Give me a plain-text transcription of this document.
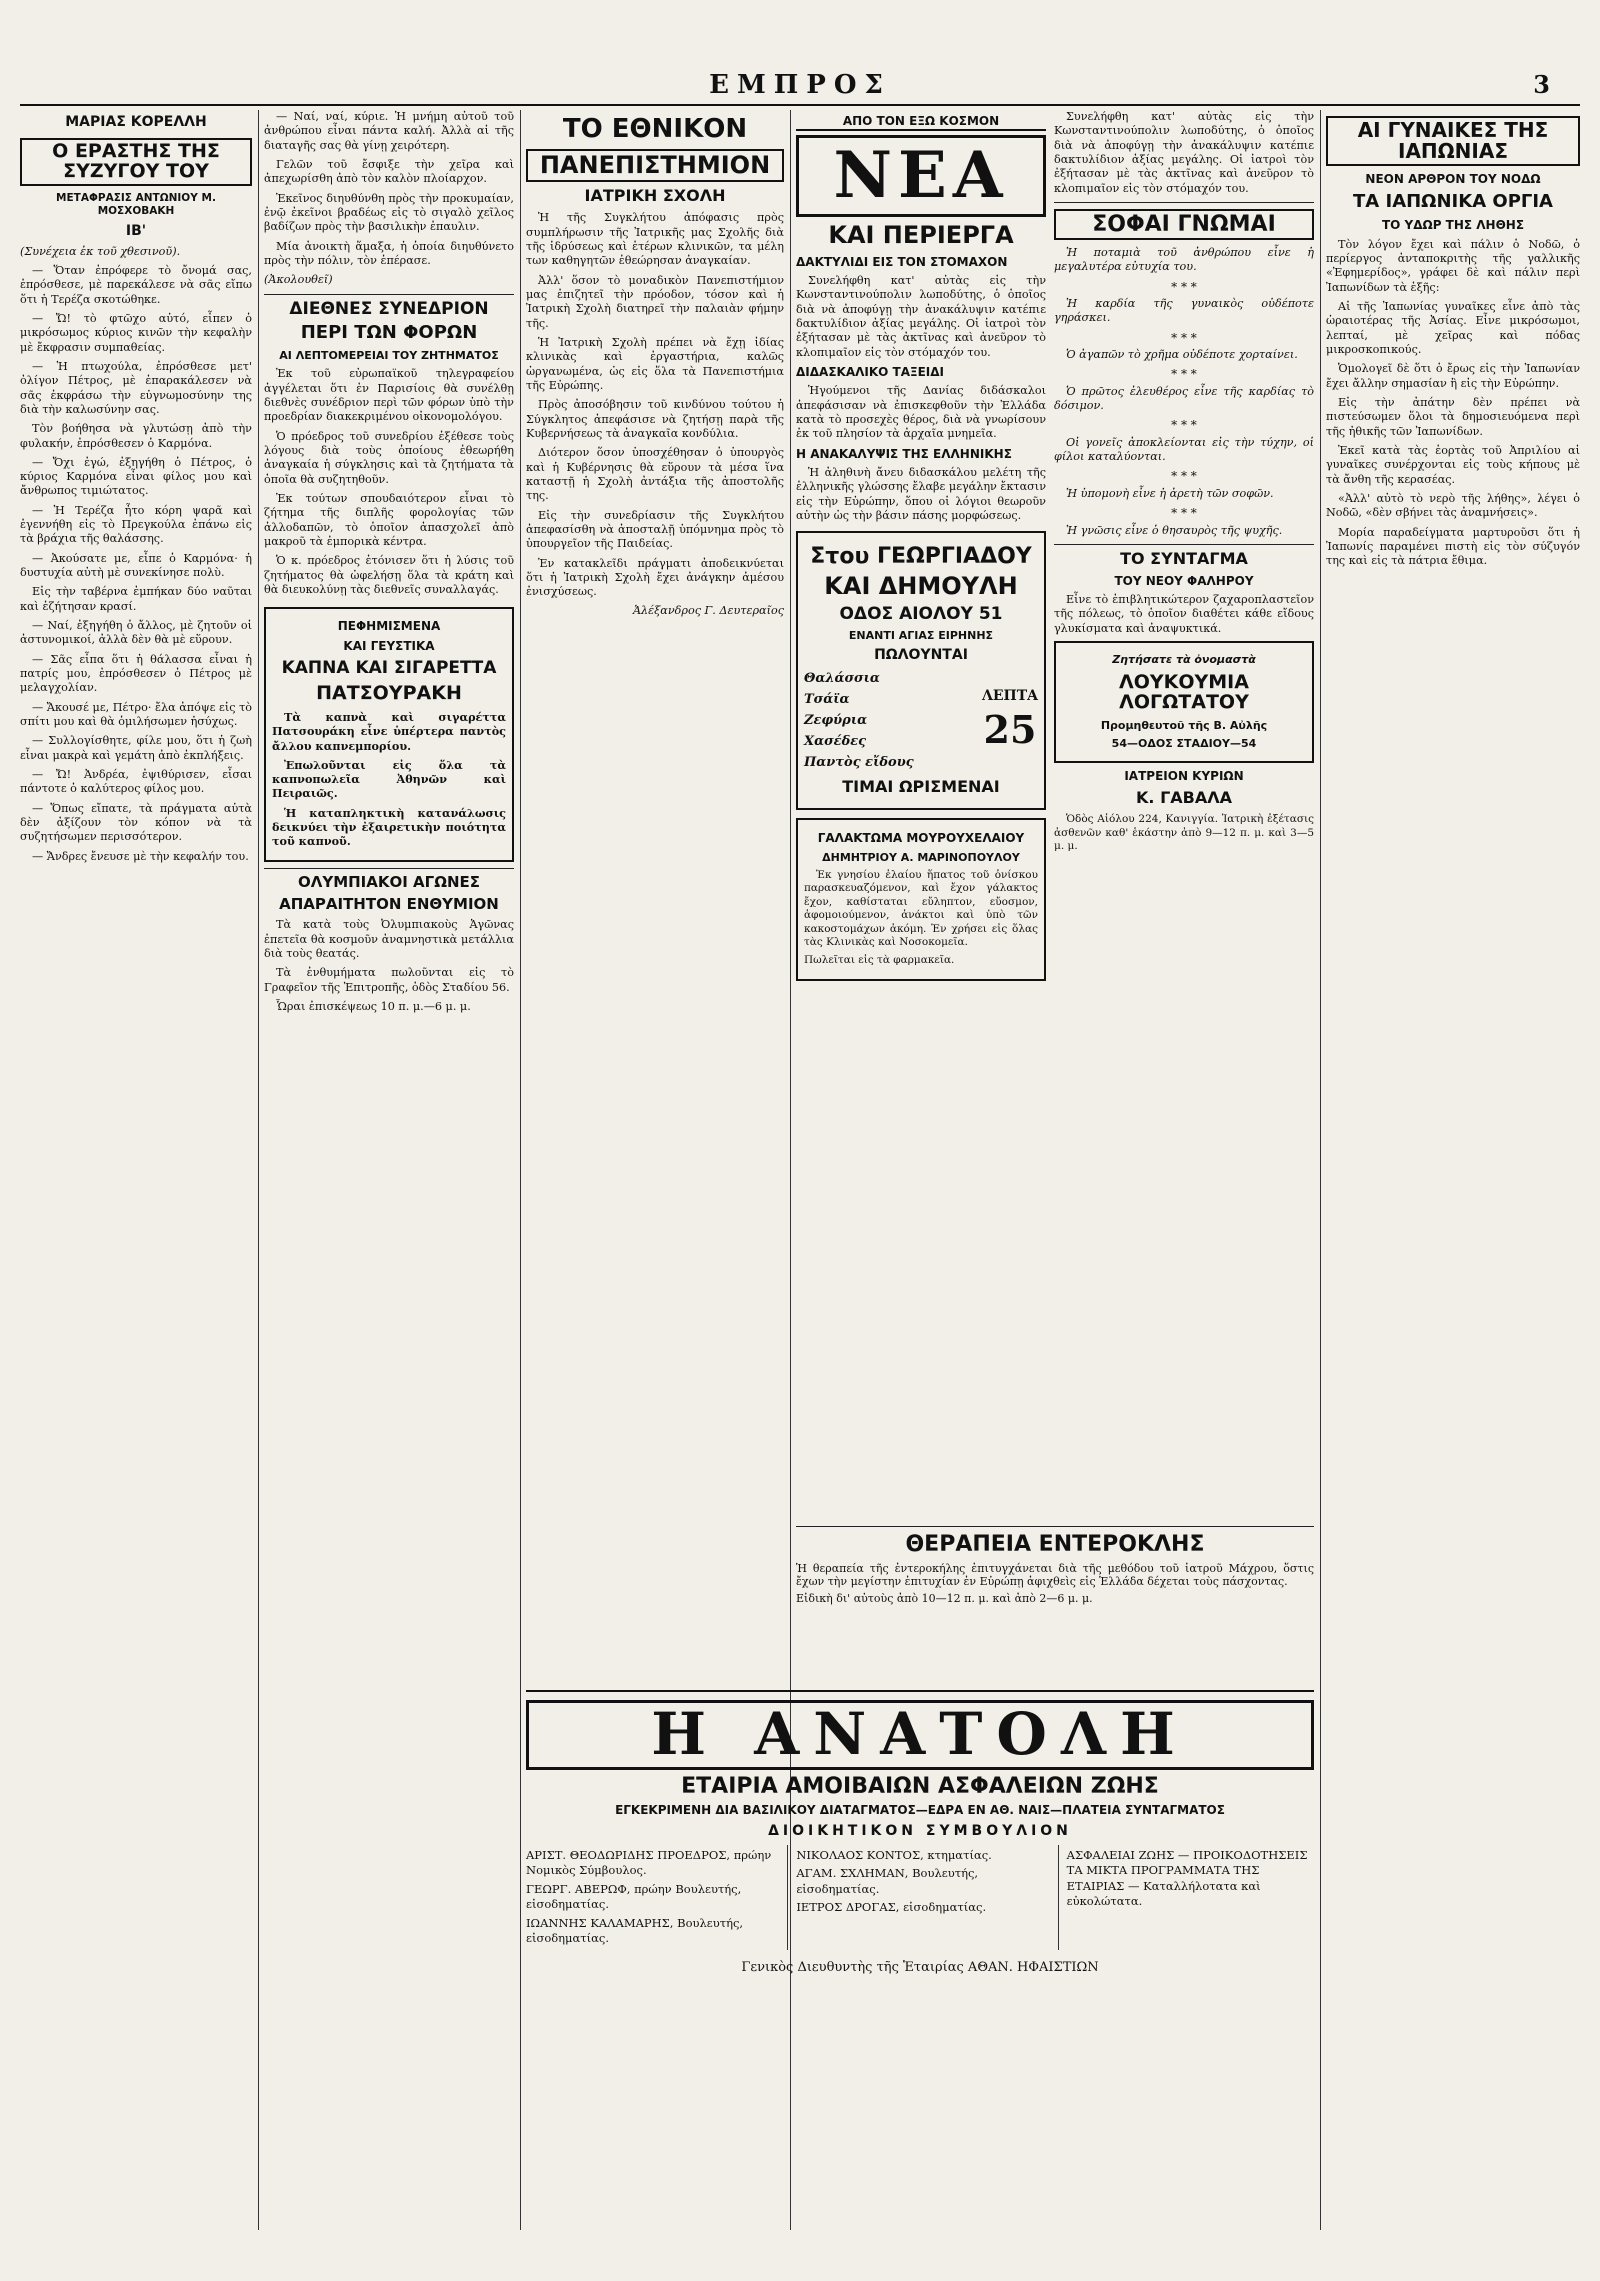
ΕΜΠΡΟΣ	3
ΜΑΡΙΑΣ ΚΟΡΕΛΛΗ
Ο ΕΡΑΣΤΗΣ ΤΗΣ ΣΥΖΥΓΟΥ ΤΟΥ
ΜΕΤΑΦΡΑΣΙΣ ΑΝΤΩΝΙΟΥ Μ. ΜΟΣΧΟΒΑΚΗ
ΙΒ'

(Συνέχεια ἐκ τοῦ χθεσινοῦ).

— Ὅταν ἐπρόφερε τὸ ὄνομά σας, ἐπρόσθεσε, μὲ παρεκάλεσε νὰ σᾶς εἴπω ὅτι ἡ Τερέζα σκοτώθηκε.

— Ὤ! τὸ φτῶχο αὐτό, εἶπεν ὁ μικρόσωμος κύριος κινῶν τὴν κεφαλὴν μὲ ἔκφρασιν συμπαθείας.

— Ἡ πτωχούλα, ἐπρόσθεσε μετ' ὀλίγον Πέτρος, μὲ ἐπαρακάλεσεν νὰ σᾶς ἐκφράσω τὴν εὐγνωμοσύνην της διὰ τὴν καλωσύνην σας.

Τὸν βοήθησα νὰ γλυτώσῃ ἀπὸ τὴν φυλακήν, ἐπρόσθεσεν ὁ Καρμόνα.

— Ὄχι ἐγώ, ἐξηγήθη ὁ Πέτρος, ὁ κύριος Καρμόνα εἶναι φίλος μου καὶ ἄνθρωπος τιμιώτατος.

— Ἡ Τερέζα ἦτο κόρη ψαρᾶ καὶ ἐγεννήθη εἰς τὸ Πρεγκούλα ἐπάνω εἰς τὰ βράχια τῆς θαλάσσης.

— Ἀκούσατε με, εἶπε ὁ Καρμόνα· ἡ δυστυχία αὐτὴ μὲ συνεκίνησε πολὺ.

Εἰς τὴν ταβέρνα ἐμπήκαν δύο ναῦται καὶ ἐζήτησαν κρασί.

— Ναί, ἐξηγήθη ὁ ἄλλος, μὲ ζητοῦν οἱ ἀστυνομικοί, ἀλλὰ δὲν θὰ μὲ εὕρουν.

— Σᾶς εἶπα ὅτι ἡ θάλασσα εἶναι ἡ πατρίς μου, ἐπρόσθεσεν ὁ Πέτρος μὲ μελαγχολίαν.

— Ἄκουσέ με, Πέτρο· ἔλα ἀπόψε εἰς τὸ σπίτι μου καὶ θὰ ὁμιλήσωμεν ἡσύχως.

— Συλλογίσθητε, φίλε μου, ὅτι ἡ ζωὴ εἶναι μακρὰ καὶ γεμάτη ἀπὸ ἐκπλήξεις.

— Ὤ! Ἀνδρέα, ἐψιθύρισεν, εἶσαι πάντοτε ὁ καλύτερος φίλος μου.

— Ὅπως εἴπατε, τὰ πράγματα αὐτὰ δὲν ἀξίζουν τὸν κόπον νὰ τὰ συζητήσωμεν περισσότερον.

— Ἄνδρες ἔνευσε μὲ τὴν κεφαλήν του.

— Ναί, ναί, κύριε. Ἡ μνήμη αὐτοῦ τοῦ ἀνθρώπου εἶναι πάντα καλή. Ἀλλὰ αἱ τῆς διαταγῆς σας θὰ γίνῃ χειρότερη.

Γελῶν τοῦ ἔσφιξε τὴν χεῖρα καὶ ἀπεχωρίσθη ἀπὸ τὸν καλὸν πλοίαρχον.

Ἐκεῖνος διηυθύνθη πρὸς τὴν προκυμαίαν, ἐνῷ ἐκεῖνοι βραδέως εἰς τὸ σιγαλὸ χεῖλος βαδίζων πρὸς τὴν βασιλικὴν ἐπαυλιν.

Μία ἀνοικτὴ ἅμαξα, ἡ ὁποία διηυθύνετο πρὸς τὴν πόλιν, τὸν ἐπέρασε.

(Ἀκολουθεῖ)

ΔΙΕΘΝΕΣ ΣΥΝΕΔΡΙΟΝ
ΠΕΡΙ ΤΩΝ ΦΟΡΩΝ
ΑΙ ΛΕΠΤΟΜΕΡΕΙΑΙ ΤΟΥ ΖΗΤΗΜΑΤΟΣ

Ἐκ τοῦ εὐρωπαϊκοῦ τηλεγραφείου ἀγγέλεται ὅτι ἐν Παρισίοις θὰ συνέλθῃ διεθνὲς συνέδριον περὶ τῶν φόρων ὑπὸ τὴν προεδρίαν διακεκριμένου οἰκονομολόγου.

Ὁ πρόεδρος τοῦ συνεδρίου ἐξέθεσε τοὺς λόγους διὰ τοὺς ὁποίους ἐθεωρήθη ἀναγκαία ἡ σύγκλησις καὶ τὰ ζητήματα τὰ ὁποῖα θὰ συζητηθοῦν.

Ἐκ τούτων σπουδαιότερον εἶναι τὸ ζήτημα τῆς διπλῆς φορολογίας τῶν ἀλλοδαπῶν, τὸ ὁποῖον ἀπασχολεῖ ἀπὸ μακροῦ τὰ ἐμπορικὰ κέντρα.

Ὁ κ. πρόεδρος ἐτόνισεν ὅτι ἡ λύσις τοῦ ζητήματος θὰ ὠφελήσῃ ὅλα τὰ κράτη καὶ θὰ διευκολύνῃ τὰς διεθνεῖς συναλλαγάς.

ΠΕΦΗΜΙΣΜΕΝΑ
ΚΑΙ ΓΕΥΣΤΙΚΑ
ΚΑΠΝΑ ΚΑΙ ΣΙΓΑΡΕΤΤΑ
ΠΑΤΣΟΥΡΑΚΗ

Τὰ καπνὰ καὶ σιγαρέττα Πατσουράκη εἶνε ὑπέρτερα παντὸς ἄλλου καπνεμπορίου.

Ἐπωλοῦνται εἰς ὅλα τὰ καπνοπωλεῖα Ἀθηνῶν καὶ Πειραιῶς.

Ἡ καταπληκτικὴ κατανάλωσις δεικνύει τὴν ἐξαιρετικὴν ποιότητα τοῦ καπνοῦ.

ΟΛΥΜΠΙΑΚΟΙ ΑΓΩΝΕΣ
ΑΠΑΡΑΙΤΗΤΟΝ ΕΝΘΥΜΙΟΝ

Τὰ κατὰ τοὺς Ὀλυμπιακοὺς Ἀγῶνας ἐπετεῖα θὰ κοσμοῦν ἀναμνηστικὰ μετάλλια διὰ τοὺς θεατάς.

Τὰ ἐνθυμήματα πωλοῦνται εἰς τὸ Γραφεῖον τῆς Ἐπιτροπῆς, ὁδὸς Σταδίου 56.

Ὧραι ἐπισκέψεως 10 π. μ.—6 μ. μ.

ΤΟ ΕΘΝΙΚΟΝ
ΠΑΝΕΠΙΣΤΗΜΙΟΝ
ΙΑΤΡΙΚΗ ΣΧΟΛΗ

Ἡ τῆς Συγκλήτου ἀπόφασις πρὸς συμπλήρωσιν τῆς Ἰατρικῆς μας Σχολῆς διὰ τῆς ἱδρύσεως καὶ ἑτέρων κλινικῶν, τα μέλη των καθηγητῶν ἐθεώρησαν ἀναγκαίαν.

Ἀλλ' ὅσον τὸ μοναδικὸν Πανεπιστήμιον μας ἐπιζητεῖ τὴν πρόοδον, τόσον καὶ ἡ Ἰατρικὴ Σχολὴ διατηρεῖ τὴν παλαιὰν φήμην τῆς.

Ἡ Ἰατρικὴ Σχολὴ πρέπει νὰ ἔχῃ ἰδίας κλινικὰς καὶ ἐργαστήρια, καλῶς ὠργανωμένα, ὡς εἰς ὅλα τὰ Πανεπιστήμια τῆς Εὐρώπης.

Πρὸς ἀποσόβησιν τοῦ κινδύνου τούτου ἡ Σύγκλητος ἀπεφάσισε νὰ ζητήσῃ παρὰ τῆς Κυβερνήσεως τὰ ἀναγκαῖα κονδύλια.

Διότερον ὅσον ὑποσχέθησαν ὁ ὑπουργὸς καὶ ἡ Κυβέρνησις θὰ εὕρουν τὰ μέσα ἵνα καταστῇ ἡ Σχολὴ ἀντάξια τῆς ἀποστολῆς της.

Εἰς τὴν συνεδρίασιν τῆς Συγκλήτου ἀπεφασίσθη νὰ ἀποσταλῇ ὑπόμνημα πρὸς τὸ ὑπουργεῖον τῆς Παιδείας.

Ἐν κατακλεῖδι πράγματι ἀποδεικνύεται ὅτι ἡ Ἰατρικὴ Σχολὴ ἔχει ἀνάγκην ἀμέσου ἐνισχύσεως.

Ἀλέξανδρος Γ. Δευτεραῖος

ΑΠΟ ΤΟΝ ΕΞΩ ΚΟΣΜΟΝ
ΝΕΑ
ΚΑΙ ΠΕΡΙΕΡΓΑ
ΔΑΚΤΥΛΙΔΙ ΕΙΣ ΤΟΝ ΣΤΟΜΑΧΟΝ

Συνελήφθη κατ' αὐτὰς εἰς τὴν Κωνσταντινούπολιν λωποδύτης, ὁ ὁποῖος διὰ νὰ ἀποφύγῃ τὴν ἀνακάλυψιν κατέπιε δακτυλίδιον ἀξίας μεγάλης. Οἱ ἰατροὶ τὸν ἐξήτασαν μὲ τὰς ἀκτῖνας καὶ ἀνεῦρον τὸ κλοπιμαῖον εἰς τὸν στόμαχόν του.

ΔΙΔΑΣΚΑΛΙΚΟ ΤΑΞΕΙΔΙ

Ἡγούμενοι τῆς Δανίας διδάσκαλοι ἀπεφάσισαν νὰ ἐπισκεφθοῦν τὴν Ἑλλάδα κατὰ τὸ προσεχὲς θέρος, διὰ νὰ γνωρίσουν ἐκ τοῦ πλησίον τὰ ἀρχαῖα μνημεῖα.

Η ΑΝΑΚΑΛΥΨΙΣ ΤΗΣ ΕΛΛΗΝΙΚΗΣ

Ἡ ἀληθινὴ ἄνευ διδασκάλου μελέτη τῆς ἑλληνικῆς γλώσσης ἔλαβε μεγάλην ἔκτασιν εἰς τὴν Εὐρώπην, ὅπου οἱ λόγιοι θεωροῦν αὐτὴν ὡς τὴν βάσιν πάσης μορφώσεως.

Στου ΓΕΩΡΓΙΑΔΟΥ
ΚΑΙ ΔΗΜΟΥΛΗ
ΟΔΟΣ ΑΙΟΛΟΥ 51
ΕΝΑΝΤΙ ΑΓΙΑΣ ΕΙΡΗΝΗΣ
ΠΩΛΟΥΝΤΑΙ
Θαλάσσια
Τσάϊα
Ζεφύρια
Χασέδες
Παντὸς εἴδους
ΛΕΠΤΑ
25
ΤΙΜΑΙ ΩΡΙΣΜΕΝΑΙ
ΓΑΛΑΚΤΩΜΑ ΜΟΥΡΟΥΧΕΛΑΙΟΥ
ΔΗΜΗΤΡΙΟΥ Α. ΜΑΡΙΝΟΠΟΥΛΟΥ

Ἐκ γνησίου ἐλαίου ἥπατος τοῦ ὀνίσκου παρασκευαζόμενον, καὶ ἔχον γάλακτος ἔχον, καθίσταται εὔληπτον, εὔοσμον, ἀφομοιούμενον, ἀνάκτοι καὶ ὑπὸ τῶν κακοστομάχων ἀκόμη. Ἐν χρήσει εἰς ὅλας τὰς Κλινικὰς καὶ Νοσοκομεῖα.

Πωλεῖται εἰς τὰ φαρμακεῖα.

Συνελήφθη κατ' αὐτὰς εἰς τὴν Κωνσταντινούπολιν λωποδύτης, ὁ ὁποῖος διὰ νὰ ἀποφύγῃ τὴν ἀνακάλυψιν κατέπιε δακτυλίδιον ἀξίας μεγάλης. Οἱ ἰατροὶ τὸν ἐξήτασαν μὲ τὰς ἀκτῖνας καὶ ἀνεῦρον τὸ κλοπιμαῖον εἰς τὸν στόμαχόν του.

ΣΟΦΑΙ ΓΝΩΜΑΙ

Ἡ ποταμιὰ τοῦ ἀνθρώπου εἶνε ἡ μεγαλυτέρα εὐτυχία του.

* * *

Ἡ καρδία τῆς γυναικὸς οὐδέποτε γηράσκει.

* * *

Ὁ ἀγαπῶν τὸ χρῆμα οὐδέποτε χορταίνει.

* * *

Ὁ πρῶτος ἐλευθέρος εἶνε τῆς καρδίας τὸ δόσιμον.

* * *

Οἱ γονεῖς ἀποκλείονται εἰς τὴν τύχην, οἱ φίλοι καταλύονται.

* * *

Ἡ ὑπομονὴ εἶνε ἡ ἀρετὴ τῶν σοφῶν.

* * *

Ἡ γνῶσις εἶνε ὁ θησαυρὸς τῆς ψυχῆς.

ΤΟ ΣΥΝΤΑΓΜΑ
ΤΟΥ ΝΕΟΥ ΦΑΛΗΡΟΥ

Εἶνε τὸ ἐπιβλητικώτερον ζαχαροπλαστεῖον τῆς πόλεως, τὸ ὁποῖον διαθέτει κάθε εἴδους γλυκίσματα καὶ ἀναψυκτικά.

Ζητήσατε τὰ ὀνομαστὰ
ΛΟΥΚΟΥΜΙΑ ΛΟΓΩΤΑΤΟΥ
Προμηθευτοῦ τῆς Β. Αὐλῆς
54—ΟΔΟΣ ΣΤΑΔΙΟΥ—54
ΙΑΤΡΕΙΟΝ ΚΥΡΙΩΝ
Κ. ΓΑΒΑΛΑ

Ὁδὸς Αἰόλου 224, Κανιγγία. Ἰατρικὴ ἐξέτασις ἀσθενῶν καθ' ἑκάστην ἀπὸ 9—12 π. μ. καὶ 3—5 μ. μ.

ΑΙ ΓΥΝΑΙΚΕΣ ΤΗΣ ΙΑΠΩΝΙΑΣ
ΝΕΟΝ ΑΡΘΡΟΝ ΤΟΥ ΝΟΔΩ
ΤΑ ΙΑΠΩΝΙΚΑ ΟΡΓΙΑ
ΤΟ ΥΔΩΡ ΤΗΣ ΛΗΘΗΣ

Τὸν λόγον ἔχει καὶ πάλιν ὁ Νοδῶ, ὁ περίεργος ἀνταποκριτὴς τῆς γαλλικῆς «Ἐφημερίδος», γράφει δὲ καὶ πάλιν περὶ Ἰαπωνίδων τὰ ἑξῆς:

Αἱ τῆς Ἰαπωνίας γυναῖκες εἶνε ἀπὸ τὰς ὡραιοτέρας τῆς Ἀσίας. Εἶνε μικρόσωμοι, λεπταί, μὲ χεῖρας καὶ πόδας μικροσκοπικούς.

Ὁμολογεῖ δὲ ὅτι ὁ ἔρως εἰς τὴν Ἰαπωνίαν ἔχει ἄλλην σημασίαν ἢ εἰς τὴν Εὐρώπην.

Εἰς τὴν ἀπάτην δὲν πρέπει νὰ πιστεύσωμεν ὅλοι τὰ δημοσιευόμενα περὶ τῆς ἠθικῆς τῶν Ἰαπωνίδων.

Ἐκεῖ κατὰ τὰς ἑορτὰς τοῦ Ἀπριλίου αἱ γυναῖκες συνέρχονται εἰς τοὺς κήπους μὲ τὰ ἄνθη τῆς κερασέας.

«Ἀλλ' αὐτὸ τὸ νερὸ τῆς λήθης», λέγει ὁ Νοδῶ, «δὲν σβήνει τὰς ἀναμνήσεις».

Μορία παραδείγματα μαρτυροῦσι ὅτι ἡ Ἰαπωνίς παραμένει πιστὴ εἰς τὸν σύζυγόν της καὶ εἰς τὰ πάτρια ἔθιμα.

ΘΕΡΑΠΕΙΑ ΕΝΤΕΡΟΚΛΗΣ

Ἡ θεραπεία τῆς ἐντεροκήλης ἐπιτυγχάνεται διὰ τῆς μεθόδου τοῦ ἰατροῦ Μάχρου, ὅστις ἔχων τὴν μεγίστην ἐπιτυχίαν ἐν Εὐρώπῃ ἀφιχθεὶς εἰς Ἑλλάδα δέχεται τοὺς πάσχοντας.

Εἰδικὴ δι' αὐτοὺς ἀπὸ 10—12 π. μ. καὶ ἀπὸ 2—6 μ. μ.

Η ΑΝΑΤΟΛΗ
ΕΤΑΙΡΙΑ ΑΜΟΙΒΑΙΩΝ ΑΣΦΑΛΕΙΩΝ ΖΩΗΣ
ΕΓΚΕΚΡΙΜΕΝΗ ΔΙΑ ΒΑΣΙΛΙΚΟΥ ΔΙΑΤΑΓΜΑΤΟΣ—ΕΔΡΑ ΕΝ ΑΘ. ΝΑΙΣ—ΠΛΑΤΕΙΑ ΣΥΝΤΑΓΜΑΤΟΣ
ΔΙΟΙΚΗΤΙΚΟΝ ΣΥΜΒΟΥΛΙΟΝ

ΑΡΙΣΤ. ΘΕΟΔΩΡΙΔΗΣ ΠΡΟΕΔΡΟΣ, πρώην Νομικὸς Σύμβουλος.

ΓΕΩΡΓ. ΑΒΕΡΩΦ, πρώην Βουλευτής, εἰσοδηματίας.

ΙΩΑΝΝΗΣ ΚΑΛΑΜΑΡΗΣ, Βουλευτής, εἰσοδηματίας.

ΝΙΚΟΛΑΟΣ ΚΟΝΤΟΣ, κτηματίας.

ΑΓΑΜ. ΣΧΛΗΜΑΝ, Βουλευτής, εἰσοδηματίας.

ΙΕΤΡΟΣ ΔΡΟΓΑΣ, εἰσοδηματίας.

ΑΣΦΑΛΕΙΑΙ ΖΩΗΣ — ΠΡΟΙΚΟΔΟΤΗΣΕΙΣ ΤΑ ΜΙΚΤΑ ΠΡΟΓΡΑΜΜΑΤΑ ΤΗΣ ΕΤΑΙΡΙΑΣ — Καταλλήλοτατα καὶ εὐκολώτατα.

Γενικὸς Διευθυντὴς τῆς Ἑταιρίας ΑΘΑΝ. ΗΦΑΙΣΤΙΩΝ
